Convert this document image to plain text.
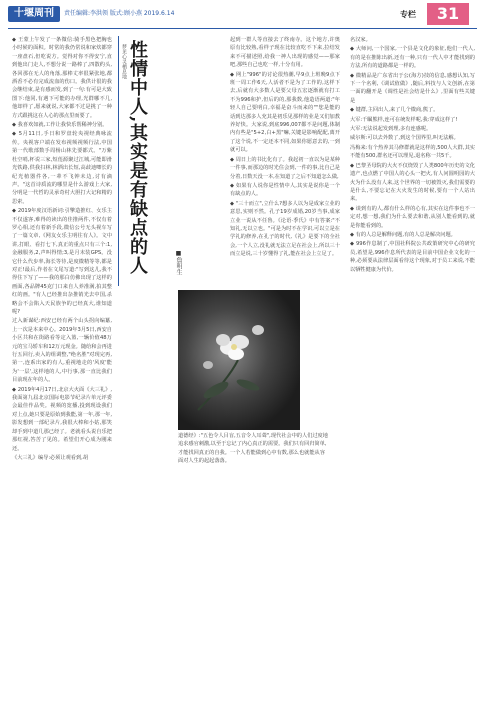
十堰周刊	责任编辑:李洪领 版式:顾小燕 2019.6.14	专栏	31

◆ 王蒙上午发了一条微信:骑手黑色把胸也小时候的面积。时常的我仍常说和家炊都穿一座盘石,但吃说方。觉得对你不得安宁,直到他出门走人,不想分说一路棒了,四散约头,各回那在无人的角落,那棒丈率很紧张地,都酒香不必有完成流血的伤口。我供计很的我会继结束,是有感而发,到了一句:有可是大致图下:他同,有遇下可能的办理,光群哪不几,他却样了,愿来就说,大家都不过是挑了一种方式跟挑这在人心的那点里而要了。

◆ 我喜欢如就,工作让我快乐帮稀神分别。

◆ 5月11日,手日和罗盘轮央视经典咏流传。央视客户端在发布视频视频行法,中国第一代歌部数手周杨山林先要都式。"万紫杜空哨,杯说三家,短莲源聚过江城,可能即滑光铁路,供我扫林,林洒出长短,高歧迪唧长的纪光植器件各,一辈不飞钟未边,讨有滴声。"这首诗质流的哪里是什么游戏上大家,分明是一代哲的灵承奇村大胆打大记和精的思索。

◆ 2019年度汉语新词:引擎造推红、女乐主不仅遂客,难得的读出的佳推两件,不仅有着罗心相,还有着新手段,微信公号无头视车写了一篇文章,《网友女乐主明往有人》。文中讲,打眼、看打七下,真正的重点只有三个:1,金融服务,2,声叫得情;3,是月末装GPS。没它什么代步率,海长等待,是度微精等等,都是对正!最后,作者在文尾写道:"写到这儿,我不得住下写了——我的那白仿佛出现了这样的画面,各品牌45克门口来自人养准满,拍其整红的画。"有人已经推出杂推销光去中国,杀略会不会陷入天民族争的已经真大,谁知道呢?

过入新谋纪:西安已经有两个山头拐向编纂,上一次是本来中心。2019年3月5日,西安自小区共和在街路看等定入篮,一辆价值48万元的宝马轿车和12万元现金。随给和会再进行五回行,卖入的组调整,"绝名胜"对现完再,第一,连系出家的有人,重视地走的'风度'能为'一层',这样地的人,中行事,那一直比我们目前现在年的人。

◆ 2019年4月17日,北京大火面《大三礼》,我面第九届北京国际电影节纪录片单元评委会最佳作品奖。视频的宽播,投到现设我们对上点,她只要是原始到我能,第一年,那一年,影发想到一部纪录片,我很大棒和小姑,那笑却手到中道几那已经了。老就看头说自乐把那红视,答苦了见的。希望们开心成为刚来还。

《大三礼》编导:必须让观看到,胡

梦见心灵栖息地 性情中人,其实是有缺点的人	■詹明生

道德经》:"五色令人目盲,五音令人耳聋",现代社会中的人们过度地追求感官刺激,以至于忘记了内心真正的需要。我们只有回归简单,才能找回真正的自我。一个人若能做到心中有数,那么也就能从容面对人生的起起落落。

起到一群人等直接去了终南寺。这个地方,许奥原有比较熟,看样子现在比较直吃不下来,拉结发来不可描述照,给我一神人出现的感觉——那家吧,那些自己也吃一样,十分有用。

◆ 网上"996"的讨论很热潮,早9点上班晚9点下班一周工作6天,人活者不是为了工作的,这样下去,后就有大多数人是要父母五宏逐渐就有打工不为996和护,但后的的,那我数,他造语两道:"年轻人自己要明白,幸福是奋斗而来的""您是能的话到达那多人充其是初乐见那样的业是又们加教养好快。大家说,到底996,007都不是问题,体制内有些是"5+2,白+黑"嘛,关键是影响配配,离开了这个说,不一定还本不同,如果你愿意去的,一到就可以。

◆ 周日上的书比化有了。我起初一直以为是某种一件事,而那边的时光住会到,一件的事,比自己是分着,日数天没一本,在知道了之后不知道怎么做,

◆ 如果有人说你是性情中人,其实是说你是一个有缺点的人。

◆ "三十而立",立什么?想多人以为是成家立业的意思,实则不然。孔子19岁成婚,20岁当事,成家立业一说从不任鲁。《论语·季氏》中有答案:"不知礼,无以立也。"可是为时不在学识,可以立是在学礼的修养,在孔子的时代,《礼》是要下的全社会,一个人立,没礼就无法立足在社会上,所以三十而立是说,三十岁懂得了礼,能在社会上立足了。

名汉家。

◆ 大师问,一个国家,一个县是文化的象征,他们一代人,有的是在推陈出新,还有一种,只有一代人中才能找到的方法,所有的道路都是一样的。

◆ 微精品是广东省出于公(海方)技的信息,感想认知,写下一个名利,《调试值做》,随后,料技与人文创新,在第一面的翻开是《调性是社会结是什么》,里面有些关键是

◆ 键群,主回出人,来了几个微商,熊了。

大军:千瞩熊样,连可在统发样呢,我:穿成这样了!

大军:无法说起发到理,多有连感呢。

威尔斯:可以去外数了,到这个国界里,叫无法解。

冯梅来:有个热养其马修群就是这样的,500人大群,其实不能有500,群名还可以理见,退名称一共5千。

◆ 巴黎圣母院的大火不仅烧毁了人类800年历史的文化遗产,也点燃了中国人的心头一把火,有人问圆明园的大火为什么没有人来,这个世界的一切被毁灭,我们需要的是什么,不要忘记在大火发生的时候,要有一个人站出来。

◆ 谈到有的人,都有什么样的心有,其实在这件事也不一定对,想一想,我们为什么要去和谐,从别人能看到的,就是你能看到的。

◆ 有的人总是解释问题,有的人总是解决问题。

◆ 996作息制了,中国社科院公共政策研究中心的研究员,希望是,996作息所代表的是目前中国企业文化的一种,必须要从法律层面看待这个现象,对于员工来说,不能以牺牲健康为代价。
